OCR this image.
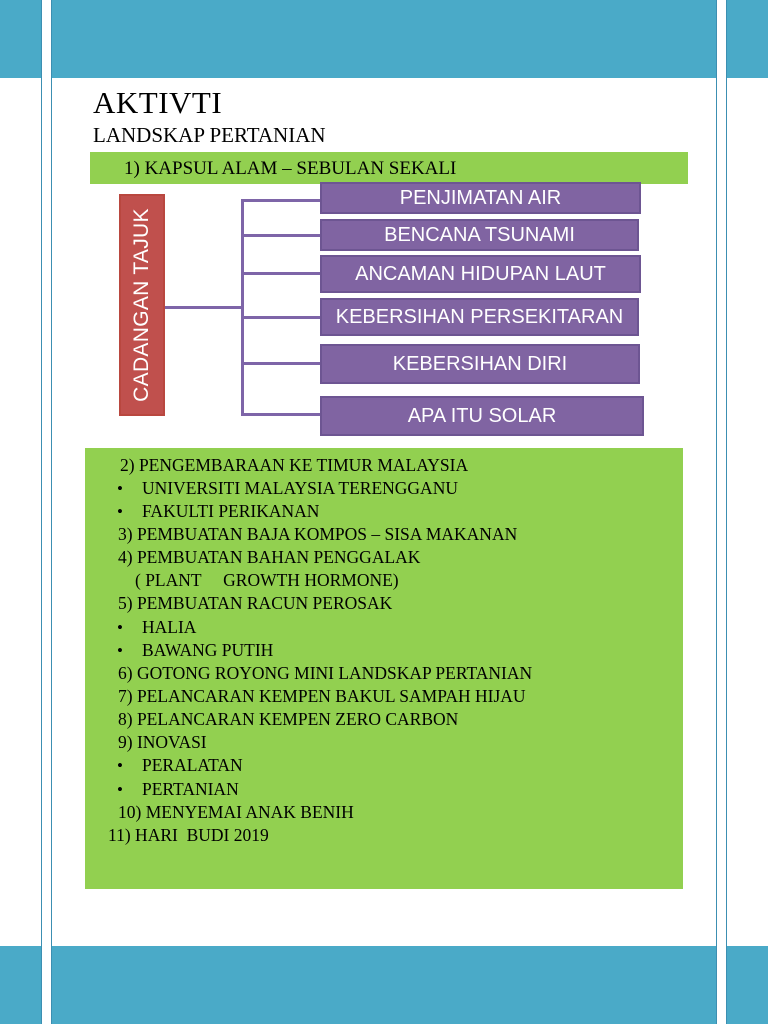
AKTIVTI
LANDSKAP PERTANIAN
1) KAPSUL ALAM – SEBULAN SEKALI
CADANGAN TAJUK
PENJIMATAN AIR
BENCANA TSUNAMI
ANCAMAN HIDUPAN LAUT
KEBERSIHAN PERSEKITARAN
KEBERSIHAN DIRI
APA ITU SOLAR
2) PENGEMBARAAN KE TIMUR MALAYSIA
• UNIVERSITI MALAYSIA TERENGGANU
• FAKULTI PERIKANAN
3) PEMBUATAN BAJA KOMPOS – SISA MAKANAN
4) PEMBUATAN BAHAN PENGGALAK
( PLANT     GROWTH HORMONE)
5) PEMBUATAN RACUN PEROSAK
• HALIA
• BAWANG PUTIH
6) GOTONG ROYONG MINI LANDSKAP PERTANIAN
7) PELANCARAN KEMPEN BAKUL SAMPAH HIJAU
8) PELANCARAN KEMPEN ZERO CARBON
9) INOVASI
• PERALATAN
• PERTANIAN
10) MENYEMAI ANAK BENIH
11) HARI  BUDI 2019
